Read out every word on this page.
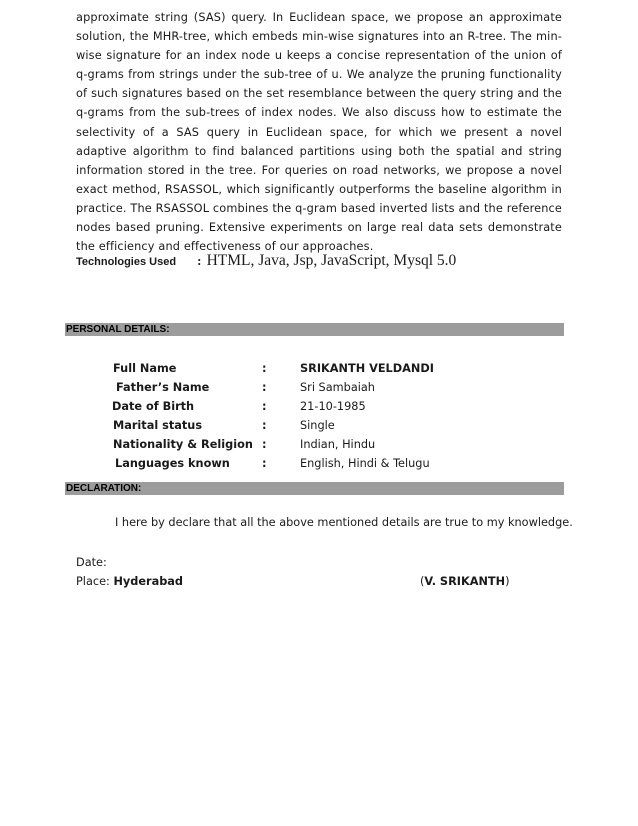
approximate string (SAS) query. In Euclidean space, we propose an approximate solution, the MHR-tree, which embeds min-wise signatures into an R-tree. The min-wise signature for an index node u keeps a concise representation of the union of q-grams from strings under the sub-tree of u. We analyze the pruning functionality of such signatures based on the set resemblance between the query string and the q-grams from the sub-trees of index nodes. We also discuss how to estimate the selectivity of a SAS query in Euclidean space, for which we present a novel adaptive algorithm to find balanced partitions using both the spatial and string information stored in the tree. For queries on road networks, we propose a novel exact method, RSASSOL, which significantly outperforms the baseline algorithm in practice. The RSASSOL combines the q-gram based inverted lists and the reference nodes based pruning. Extensive experiments on large real data sets demonstrate the efficiency and effectiveness of our approaches.

Technologies Used : HTML, Java, Jsp, JavaScript, Mysql 5.0
PERSONAL DETAILS:
Full Name	:	SRIKANTH VELDANDI
Father’s Name	:	Sri Sambaiah
Date of Birth	:	21-10-1985
Marital status	:	Single
Nationality & Religion :	Indian, Hindu
Languages known	:	English, Hindi & Telugu
DECLARATION:
I here by declare that all the above mentioned details are true to my knowledge.
Date:
Place: Hyderabad	(V. SRIKANTH)
